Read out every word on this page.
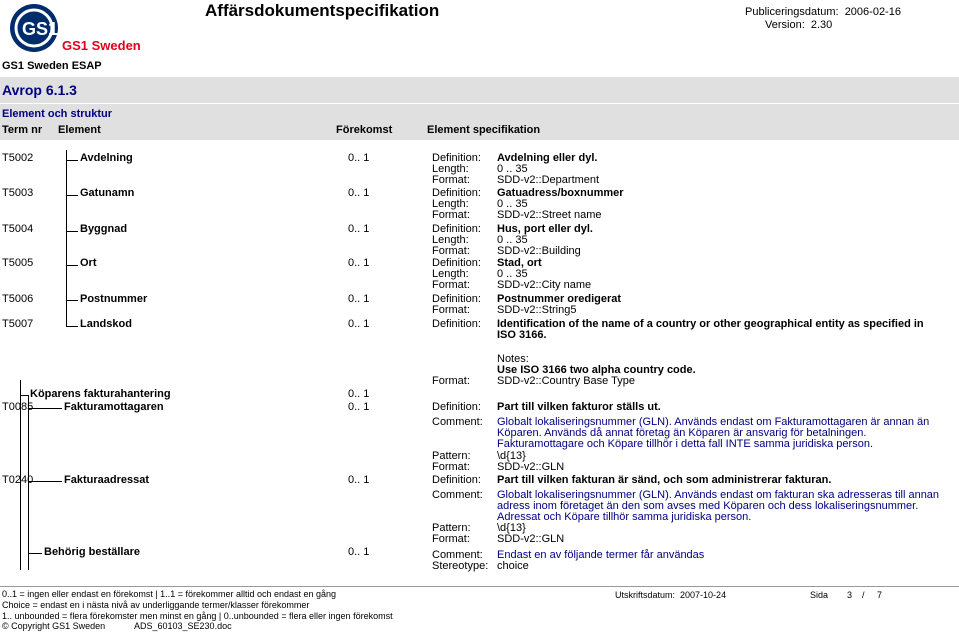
GS1
GS1 Sweden
Affärsdokumentspecifikation	Publiceringsdatum: 2006-02-16
Version: 2.30
GS1 Sweden ESAP
Avrop 6.1.3
Element och struktur
Term nr Element	Förekomst	Element specifikation
T5002	Avdelning	0.. 1	Definition: Avdelning eller dyl.
Length:	0 .. 35
Format: SDD-v2::Department
T5003	Gatunamn	0.. 1	Definition: Gatuadress/boxnummer
Length:	0 .. 35
Format: SDD-v2::Street name
T5004	Byggnad	0.. 1	Definition: Hus, port eller dyl.
Length:	0 .. 35
Format: SDD-v2::Building
T5005	Ort	0.. 1	Definition: Stad, ort
Length:	0 .. 35
Format: SDD-v2::City name
T5006	Postnummer	0.. 1	Definition: Postnummer oredigerat
Format: SDD-v2::String5
T5007	Landskod	0.. 1	Definition: Identification of the name of a country or other geographical entity as specified in
ISO 3166.
Notes:
Use ISO 3166 two alpha country code.
Format: SDD-v2::Country Base Type
Köparens fakturahantering	0.. 1
T0085	Fakturamottagaren	0.. 1	Definition: Part till vilken fakturor ställs ut.
Comment: Globalt lokaliseringsnummer (GLN). Används endast om Fakturamottagaren är annan än
Köparen. Används då annat företag än Köparen är ansvarig för betalningen.
Fakturamottagare och Köpare tillhör i detta fall INTE samma juridiska person.
Pattern: \d{13}
Format: SDD-v2::GLN
T0240	Fakturaadressat	0.. 1	Definition: Part till vilken fakturan är sänd, och som administrerar fakturan.
Comment: Globalt lokaliseringsnummer (GLN). Används endast om fakturan ska adresseras till annan
adress inom företaget än den som avses med Köparen och dess lokaliseringsnummer.
Adressat och Köpare tillhör samma juridiska person.
Pattern: \d{13}
Format: SDD-v2::GLN
Behörig beställare	0.. 1	Comment: Endast en av följande termer får användas
Stereotype: choice
0..1 = ingen eller endast en förekomst | 1..1 = förekommer alltid och endast en gång
Choice = endast en i nästa nivå av underliggande termer/klasser förekommer
1.. unbounded = flera förekomster men minst en gång | 0..unbounded = flera eller ingen förekomst
© Copyright GS1 Sweden	ADS_60103_SE230.doc
Utskriftsdatum: 2007-10-24	Sida 3 / 7
